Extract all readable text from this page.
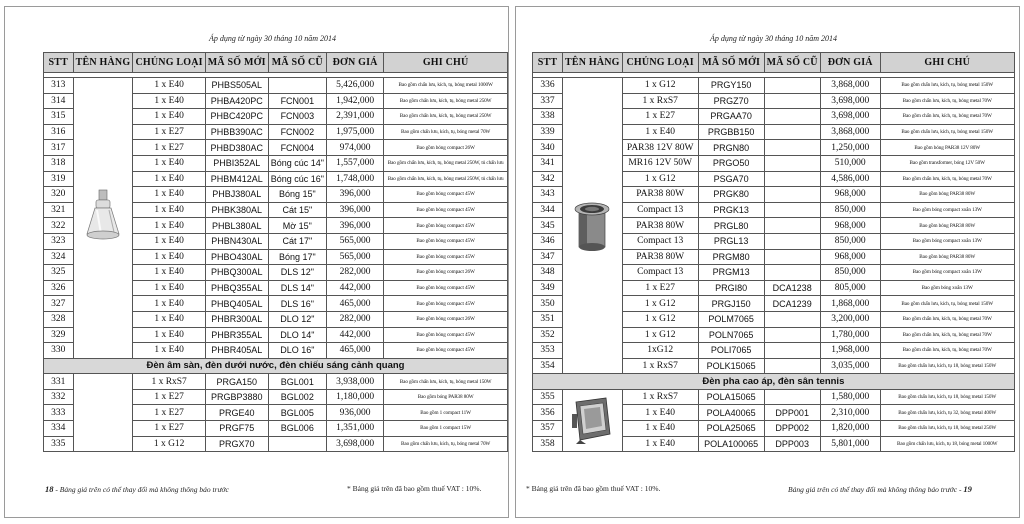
Áp dụng từ ngày 30 tháng 10 năm 2014
STT	TÊN HÀNG	CHỦNG LOẠI	MÃ SỐ MỚI	MÃ SỐ CŨ	ĐƠN GIÁ	GHI CHÚ

313		1 x E40	PHBS505AL		5,426,000	Bao gồm chấn lưu, kích, tụ, bóng metal 1000W
314		1 x E40	PHBA420PC	FCN001	1,942,000	Bao gồm chấn lưu, kích, tụ, bóng metal 250W
315		1 x E40	PHBC420PC	FCN003	2,391,000	Bao gồm chấn lưu, kích, tụ, bóng metal 250W
316		1 x E27	PHBB390AC	FCN002	1,975,000	Bao gồm chấn lưu, kích, tụ, bóng metal 70W
317		1 x E27	PHBD380AC	FCN004	974,000	Bao gồm bóng compact 26W
318		1 x E40	PHBI352AL	Bóng cúc 14"	1,557,000	Bao gồm chấn lưu, kích, tụ, bóng metal 250W, tủ chấn lưu
319		1 x E40	PHBM412AL	Bóng cúc 16"	1,748,000	Bao gồm chấn lưu, kích, tụ, bóng metal 250W, tủ chấn lưu
320		1 x E40	PHBJ380AL	Bóng 15"	396,000	Bao gồm bóng compact 45W
321		1 x E40	PHBK380AL	Cát 15"	396,000	Bao gồm bóng compact 45W
322		1 x E40	PHBL380AL	Mờ 15"	396,000	Bao gồm bóng compact 45W
323		1 x E40	PHBN430AL	Cát 17"	565,000	Bao gồm bóng compact 45W
324		1 x E40	PHBO430AL	Bóng 17"	565,000	Bao gồm bóng compact 45W
325		1 x E40	PHBQ300AL	DLS 12"	282,000	Bao gồm bóng compact 26W
326		1 x E40	PHBQ355AL	DLS 14"	442,000	Bao gồm bóng compact 45W
327		1 x E40	PHBQ405AL	DLS 16"	465,000	Bao gồm bóng compact 45W
328		1 x E40	PHBR300AL	DLO 12"	282,000	Bao gồm bóng compact 26W
329		1 x E40	PHBR355AL	DLO 14"	442,000	Bao gồm bóng compact 45W
330		1 x E40	PHBR405AL	DLO 16"	465,000	Bao gồm bóng compact 45W
Đèn âm sàn, đèn dưới nước, đèn chiếu sáng cảnh quang						
331		1 x RxS7	PRGA150	BGL001	3,938,000	Bao gồm chấn lưu, kích, tụ, bóng metal 150W
332		1 x E27	PRGBP3880	BGL002	1,180,000	Bao gồm bóng PAR38 80W
333		1 x E27	PRGE40	BGL005	936,000	Bao gồm 1 compact 11W
334		1 x E27	PRGF75	BGL006	1,351,000	Bao gồm 1 compact 15W
335		1 x G12	PRGX70		3,698,000	Bao gồm chấn lưu, kích, tụ, bóng metal 70W
18 - Bảng giá trên có thể thay đổi mà không thông báo trước	* Bảng giá trên đã bao gồm thuế VAT : 10%.
Áp dụng từ ngày 30 tháng 10 năm 2014
STT	TÊN HÀNG	CHỦNG LOẠI	MÃ SỐ MỚI	MÃ SỐ CŨ	ĐƠN GIÁ	GHI CHÚ

336		1 x G12	PRGY150		3,868,000	Bao gồm chấn lưu, kích, tụ, bóng metal 150W
337		1 x RxS7	PRGZ70		3,698,000	Bao gồm chấn lưu, kích, tụ, bóng metal 70W
338		1 x E27	PRGAA70		3,698,000	Bao gồm chấn lưu, kích, tụ, bóng metal 70W
339		1 x E40	PRGBB150		3,868,000	Bao gồm chấn lưu, kích, tụ, bóng metal 150W
340		PAR38 12V 80W	PRGN80		1,250,000	Bao gồm bóng PAR38 12V 80W
341		MR16 12V 50W	PRGO50		510,000	Bao gồm transformer, bóng 12V 50W
342		1 x G12	PSGA70		4,586,000	Bao gồm chấn lưu, kích, tụ, bóng metal 70W
343		PAR38 80W	PRGK80		968,000	Bao gồm bóng PAR38 80W
344		Compact 13	PRGK13		850,000	Bao gồm bóng compact xoắn 13W
345		PAR38 80W	PRGL80		968,000	Bao gồm bóng PAR38 80W
346		Compact 13	PRGL13		850,000	Bao gồm bóng compact xoắn 13W
347		PAR38 80W	PRGM80		968,000	Bao gồm bóng PAR38 80W
348		Compact 13	PRGM13		850,000	Bao gồm bóng compact xoắn 13W
349		1 x E27	PRGI80	DCA1238	805,000	Bao gồm bóng xoắn 13W
350		1 x G12	PRGJ150	DCA1239	1,868,000	Bao gồm chấn lưu, kích, tụ, bóng metal 150W
351		1 x G12	POLM7065		3,200,000	Bao gồm chấn lưu, kích, tụ, bóng metal 70W
352		1 x G12	POLN7065		1,780,000	Bao gồm chấn lưu, kích, tụ, bóng metal 70W
353		1xG12	POLI7065		1,968,000	Bao gồm chấn lưu, kích, tụ, bóng metal 70W
354		1 x RxS7	POLK15065		3,035,000	Bao gồm chấn lưu, kích, tụ 18, bóng metal 150W
Đèn pha cao áp, đèn sân tennis						
355		1 x RxS7	POLA15065		1,580,000	Bao gồm chấn lưu, kích, tụ 18, bóng metal 150W
356		1 x E40	POLA40065	DPP001	2,310,000	Bao gồm chấn lưu, kích, tụ 32, bóng metal 400W
357		1 x E40	POLA25065	DPP002	1,820,000	Bao gồm chấn lưu, kích, tụ 18, bóng metal 250W
358		1 x E40	POLA100065	DPP003	5,801,000	Bao gồm chấn lưu, kích, tụ 18, bóng metal 1000W
* Bảng giá trên đã bao gồm thuế VAT : 10%.	Bảng giá trên có thể thay đổi mà không thông báo trước - 19
